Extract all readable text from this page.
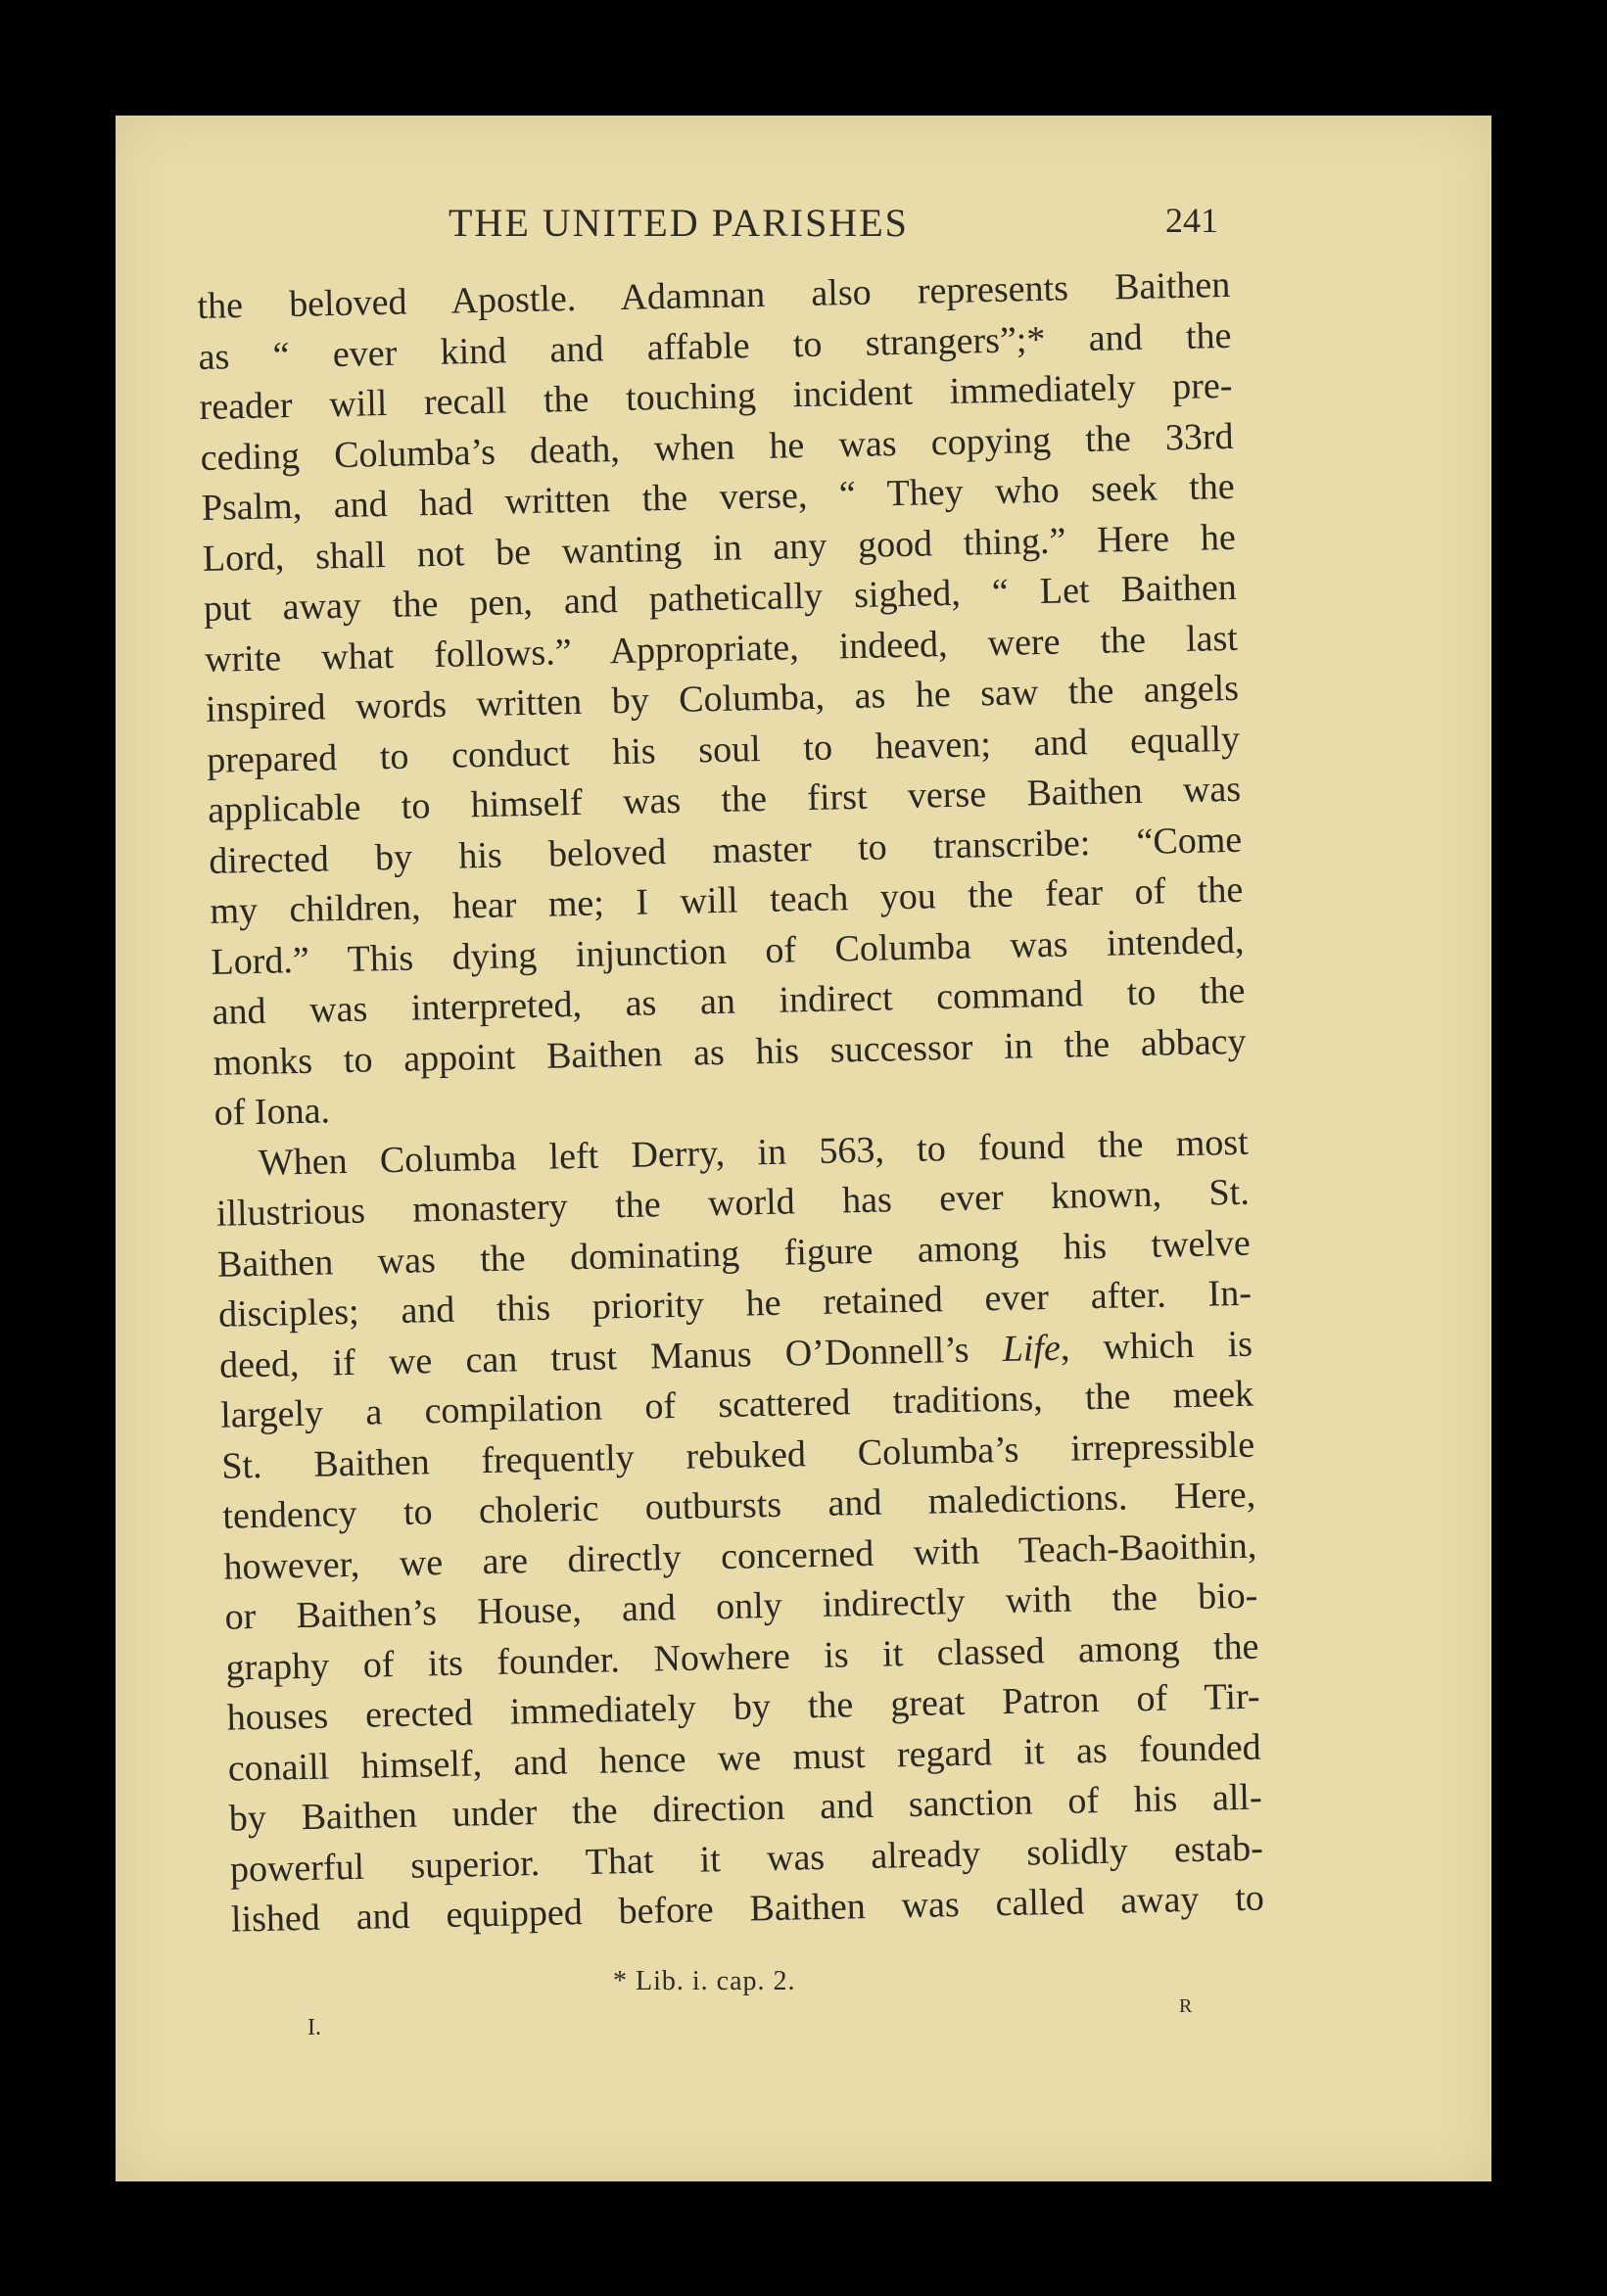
THE UNITED PARISHES	241
the beloved Apostle. Adamnan also represents Baithen
as “ ever kind and affable to strangers”;* and the
reader will recall the touching incident immediately pre-
ceding Columba’s death, when he was copying the 33rd
Psalm, and had written the verse, “ They who seek the
Lord, shall not be wanting in any good thing.” Here he
put away the pen, and pathetically sighed, “ Let Baithen
write what follows.” Appropriate, indeed, were the last
inspired words written by Columba, as he saw the angels
prepared to conduct his soul to heaven; and equally
applicable to himself was the first verse Baithen was
directed by his beloved master to transcribe: “Come
my children, hear me; I will teach you the fear of the
Lord.” This dying injunction of Columba was intended,
and was interpreted, as an indirect command to the
monks to appoint Baithen as his successor in the abbacy
of Iona.
When Columba left Derry, in 563, to found the most
illustrious monastery the world has ever known, St.
Baithen was the dominating figure among his twelve
disciples; and this priority he retained ever after. In-
deed, if we can trust Manus O’Donnell’s Life, which is
largely a compilation of scattered traditions, the meek
St. Baithen frequently rebuked Columba’s irrepressible
tendency to choleric outbursts and maledictions. Here,
however, we are directly concerned with Teach-Baoithin,
or Baithen’s House, and only indirectly with the bio-
graphy of its founder. Nowhere is it classed among the
houses erected immediately by the great Patron of Tir-
conaill himself, and hence we must regard it as founded
by Baithen under the direction and sanction of his all-
powerful superior. That it was already solidly estab-
lished and equipped before Baithen was called away to
* Lib. i. cap. 2.
I.
R
